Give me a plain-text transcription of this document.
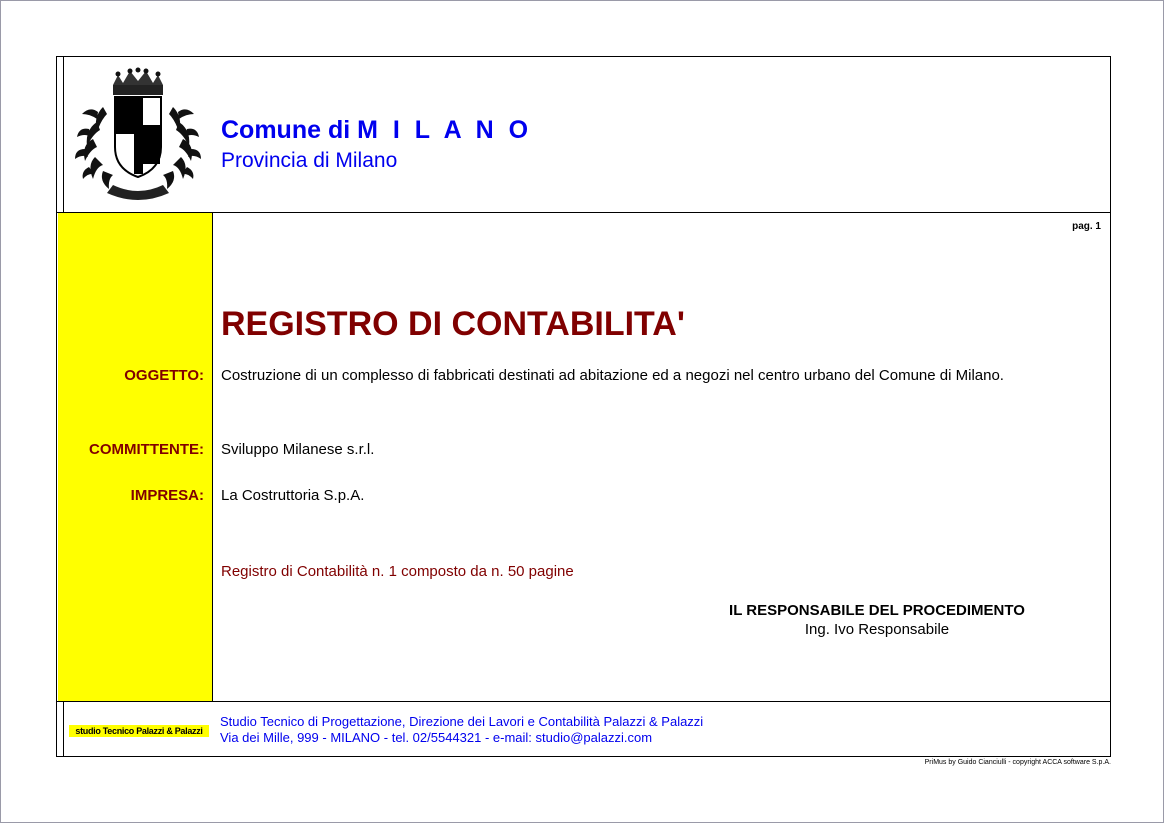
Comune di M I L A N O
Provincia di Milano
OGGETTO:
COMMITTENTE:
IMPRESA:
pag. 1
REGISTRO DI CONTABILITA'
Costruzione di un complesso di fabbricati destinati ad abitazione ed a negozi nel centro urbano del Comune di Milano.
Sviluppo Milanese s.r.l.
La Costruttoria S.p.A.
Registro di Contabilità n. 1 composto da n. 50 pagine
IL RESPONSABILE DEL PROCEDIMENTO
Ing. Ivo Responsabile
studio Tecnico Palazzi & Palazzi
Studio Tecnico di Progettazione, Direzione dei Lavori e Contabilità Palazzi & Palazzi
Via dei Mille, 999 - MILANO - tel. 02/5544321 - e-mail: studio@palazzi.com
PriMus by Guido Cianciulli - copyright ACCA software S.p.A.
